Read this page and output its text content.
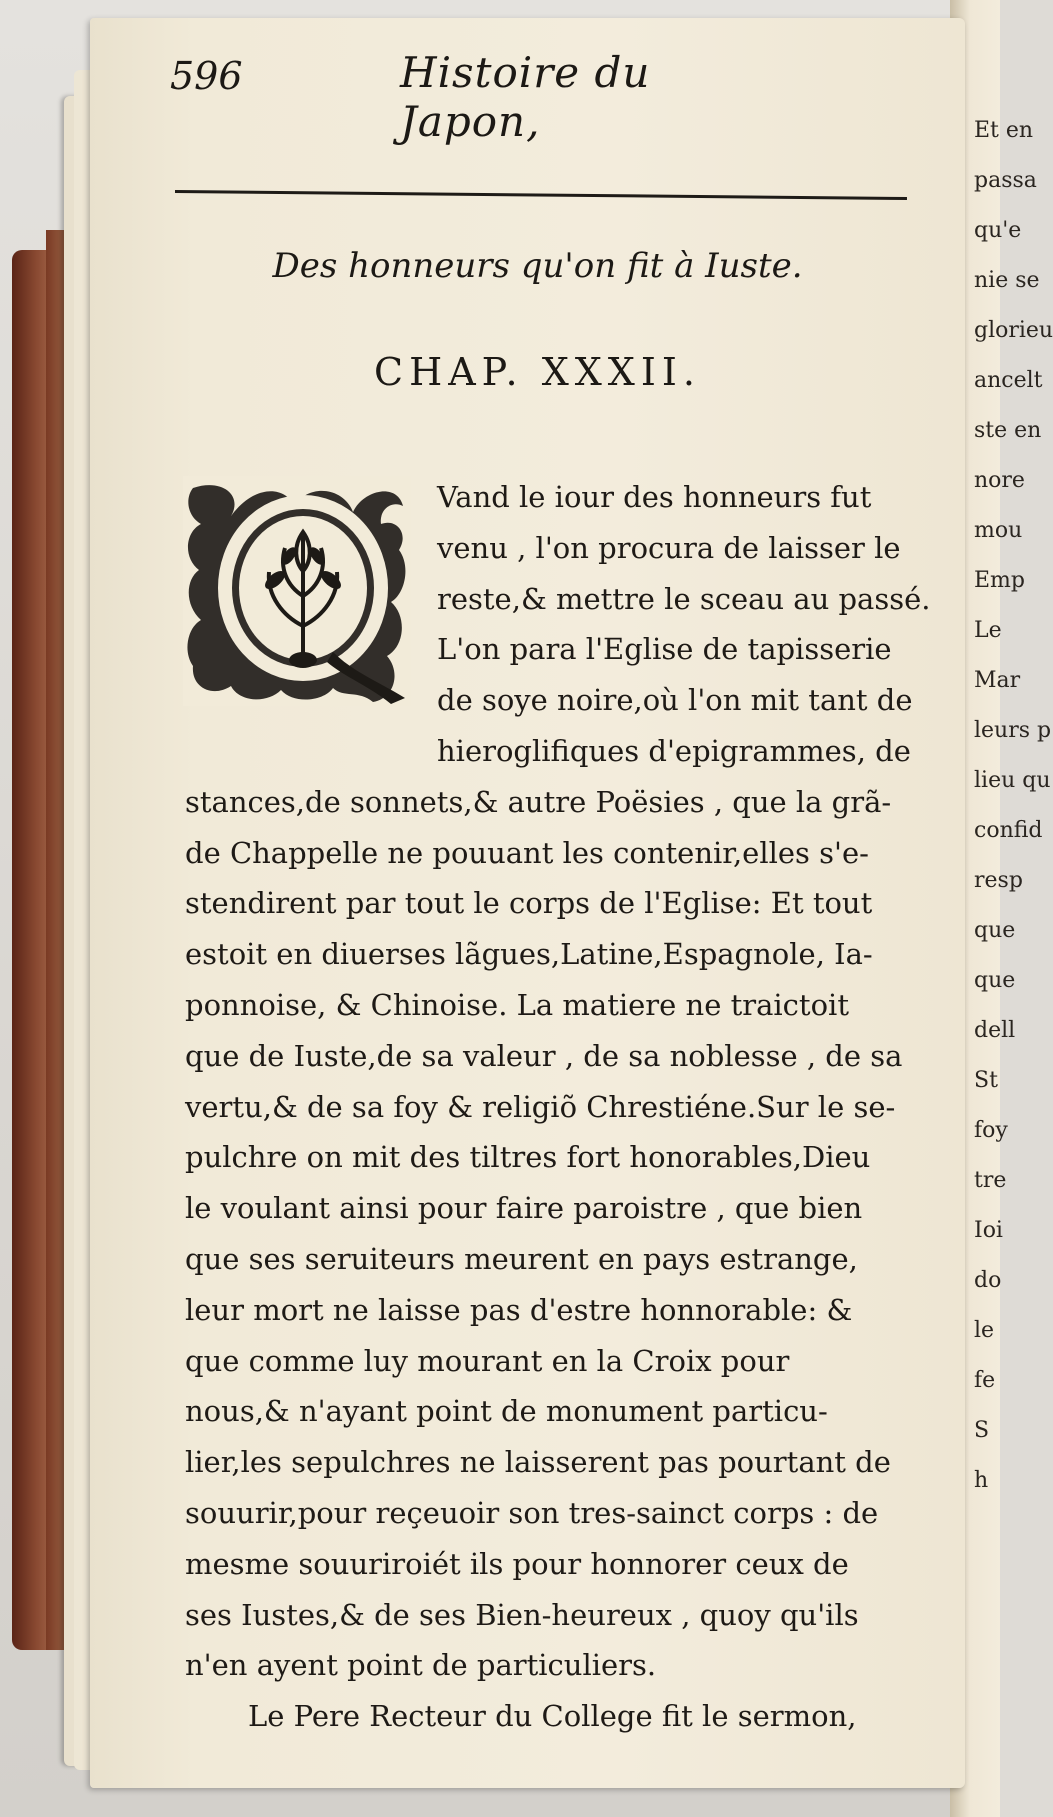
Et en
passa
qu'e
nie se
glorieu
ancelt
ste en
nore
mou
Emp
Le
Mar
leurs p
lieu qu
confid
resp
que
que
dell
St
foy
tre
Ioi
do
le
fe
S
h
596	Histoire du Japon,
Des honneurs qu'on fit à Iuste.
CHAP. XXXII.
Vand le iour des honneurs fut
venu , l'on procura de laisser le
reste,& mettre le sceau au passé.
L'on para l'Eglise de tapisserie
de soye noire,où l'on mit tant de
hieroglifiques d'epigrammes, de
stances,de sonnets,& autre Poësies , que la grã-
de Chappelle ne pouuant les contenir,elles s'e-
stendirent par tout le corps de l'Eglise: Et tout
estoit en diuerses lãgues,Latine,Espagnole, Ia-
ponnoise, & Chinoise. La matiere ne traictoit
que de Iuste,de sa valeur , de sa noblesse , de sa
vertu,& de sa foy & religiõ Chrestiéne.Sur le se-
pulchre on mit des tiltres fort honorables,Dieu
le voulant ainsi pour faire paroistre , que bien
que ses seruiteurs meurent en pays estrange,
leur mort ne laisse pas d'estre honnorable: &
que comme luy mourant en la Croix pour
nous,& n'ayant point de monument particu-
lier,les sepulchres ne laisserent pas pourtant de
souurir,pour reçeuoir son tres-sainct corps : de
mesme souuriroiét ils pour honnorer ceux de
ses Iustes,& de ses Bien-heureux , quoy qu'ils
n'en ayent point de particuliers.
Le Pere Recteur du College fit le sermon,
